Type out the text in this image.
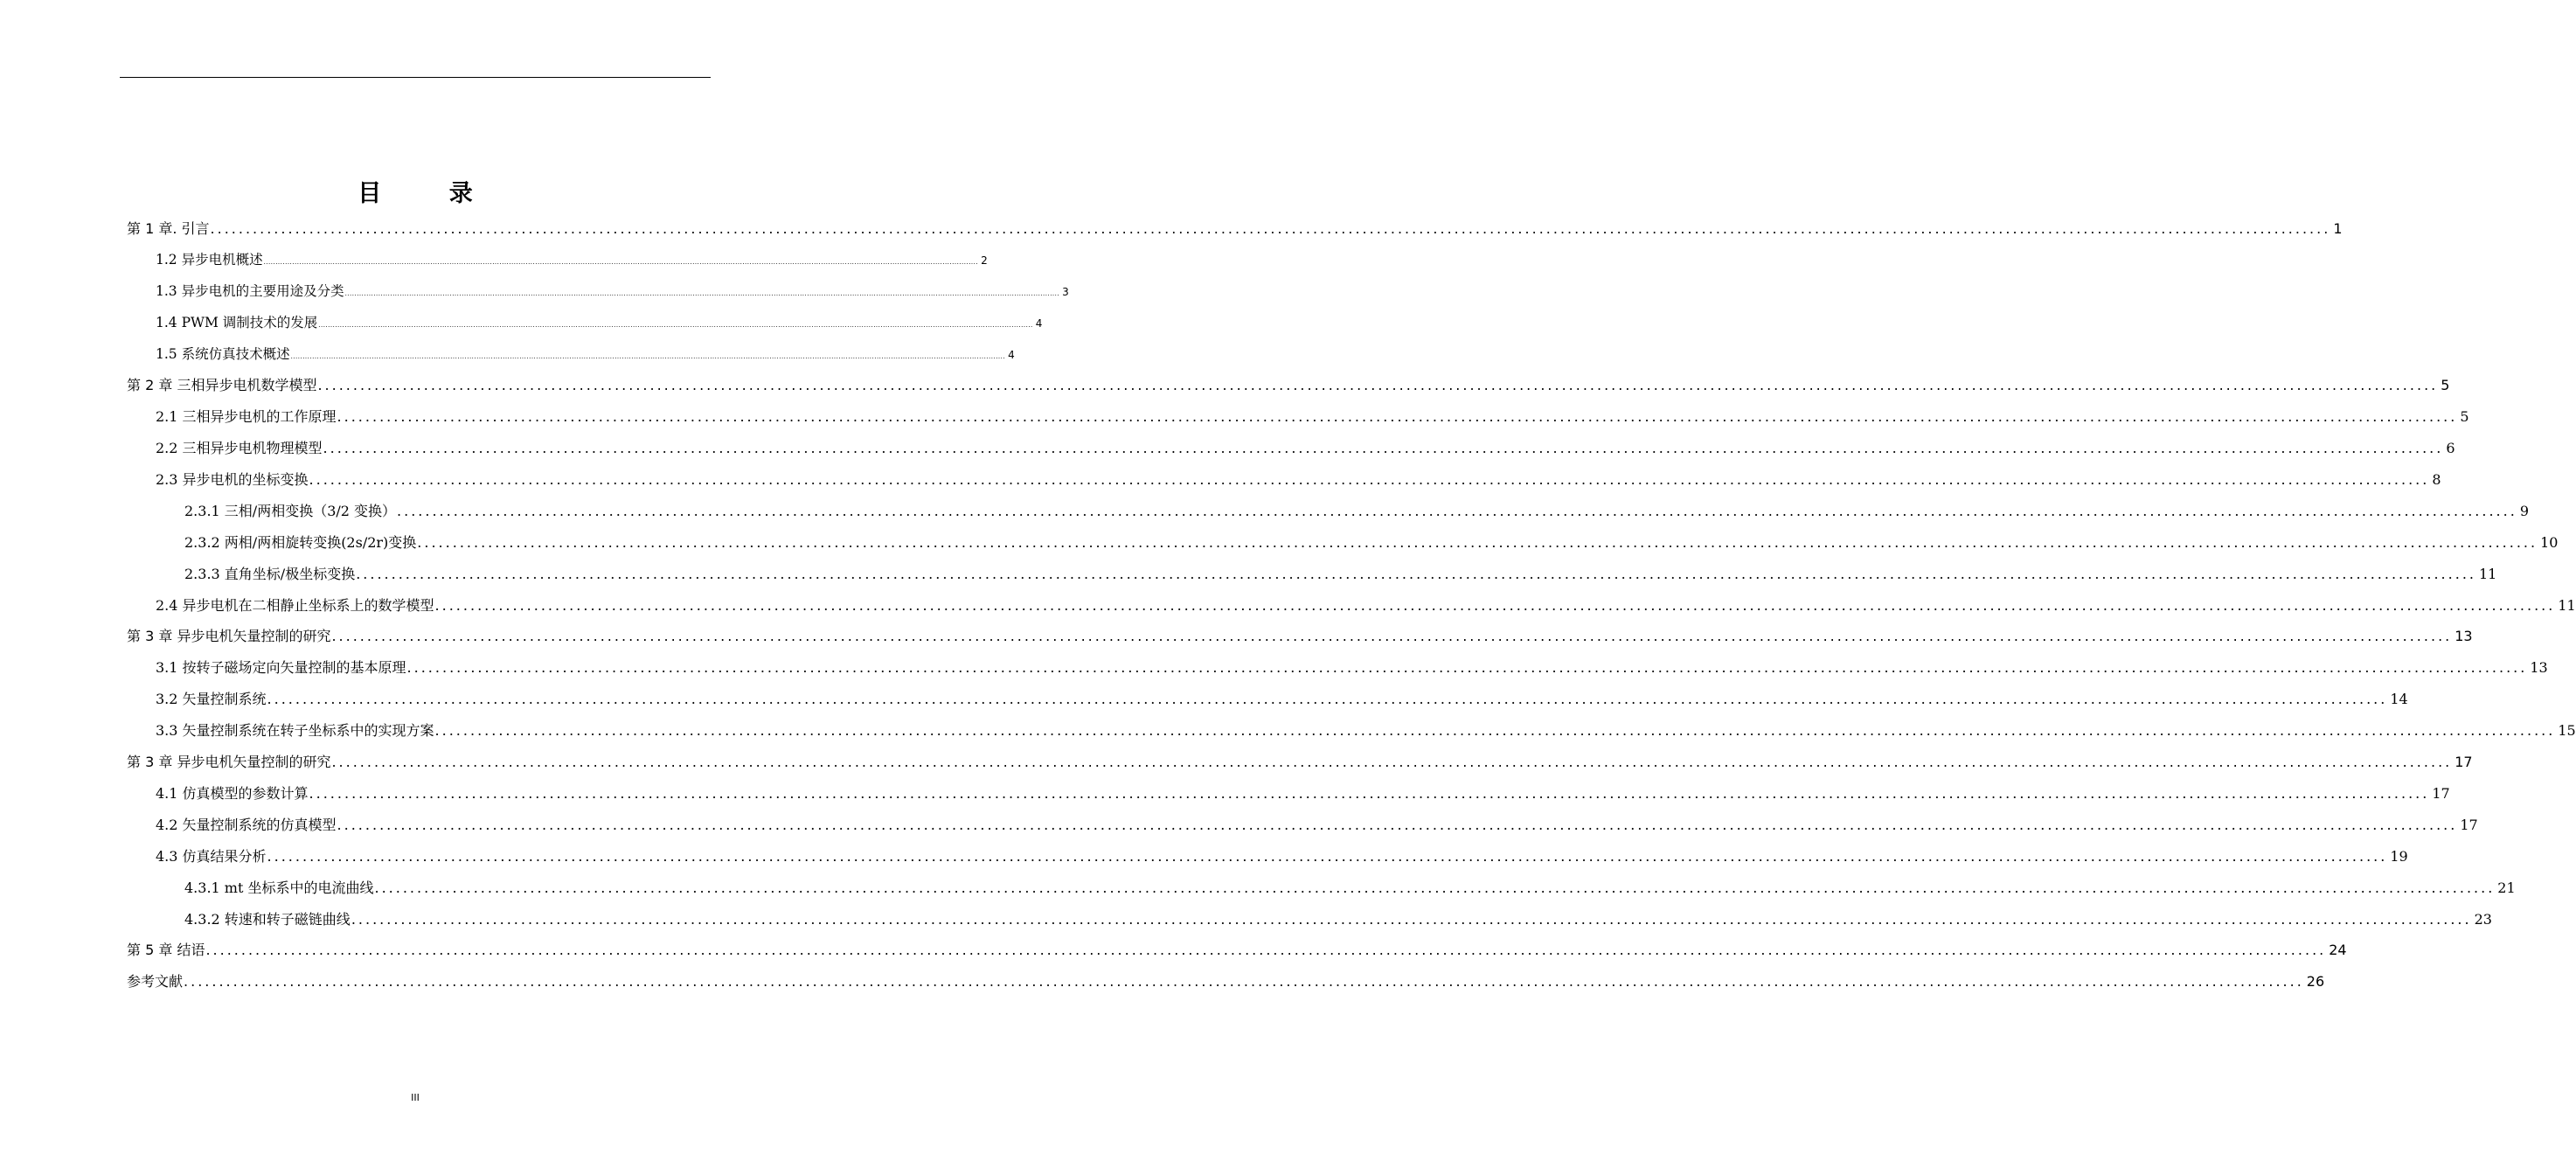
目 录
第 1 章. 引言 ............................................................................................................................................................................................................................................................................................................ 1
1.2 异步电机概述 ............................................................................................................................................................................................................................................................................................................ 2
1.3 异步电机的主要用途及分类 ............................................................................................................................................................................................................................................................................................................ 3
1.4 PWM 调制技术的发展 ............................................................................................................................................................................................................................................................................................................ 4
1.5 系统仿真技术概述 ............................................................................................................................................................................................................................................................................................................ 4
第 2 章 三相异步电机数学模型 ............................................................................................................................................................................................................................................................................................................ 5
2.1 三相异步电机的工作原理 ............................................................................................................................................................................................................................................................................................................ 5
2.2 三相异步电机物理模型 ............................................................................................................................................................................................................................................................................................................ 6
2.3 异步电机的坐标变换 ............................................................................................................................................................................................................................................................................................................ 8
2.3.1 三相/两相变换（3/2 变换） ............................................................................................................................................................................................................................................................................................................ 9
2.3.2 两相/两相旋转变换(2s/2r)变换 ............................................................................................................................................................................................................................................................................................................ 10
2.3.3 直角坐标/极坐标变换 ............................................................................................................................................................................................................................................................................................................ 11
2.4 异步电机在二相静止坐标系上的数学模型 ............................................................................................................................................................................................................................................................................................................ 11
第 3 章 异步电机矢量控制的研究 ............................................................................................................................................................................................................................................................................................................ 13
3.1 按转子磁场定向矢量控制的基本原理 ............................................................................................................................................................................................................................................................................................................ 13
3.2 矢量控制系统 ............................................................................................................................................................................................................................................................................................................ 14
3.3 矢量控制系统在转子坐标系中的实现方案 ............................................................................................................................................................................................................................................................................................................ 15
第 3 章 异步电机矢量控制的研究 ............................................................................................................................................................................................................................................................................................................ 17
4.1 仿真模型的参数计算 ............................................................................................................................................................................................................................................................................................................ 17
4.2 矢量控制系统的仿真模型 ............................................................................................................................................................................................................................................................................................................ 17
4.3 仿真结果分析 ............................................................................................................................................................................................................................................................................................................ 19
4.3.1 mt 坐标系中的电流曲线 ............................................................................................................................................................................................................................................................................................................ 21
4.3.2 转速和转子磁链曲线 ............................................................................................................................................................................................................................................................................................................ 23
第 5 章 结语 ............................................................................................................................................................................................................................................................................................................ 24
参考文献 ............................................................................................................................................................................................................................................................................................................ 26
III
